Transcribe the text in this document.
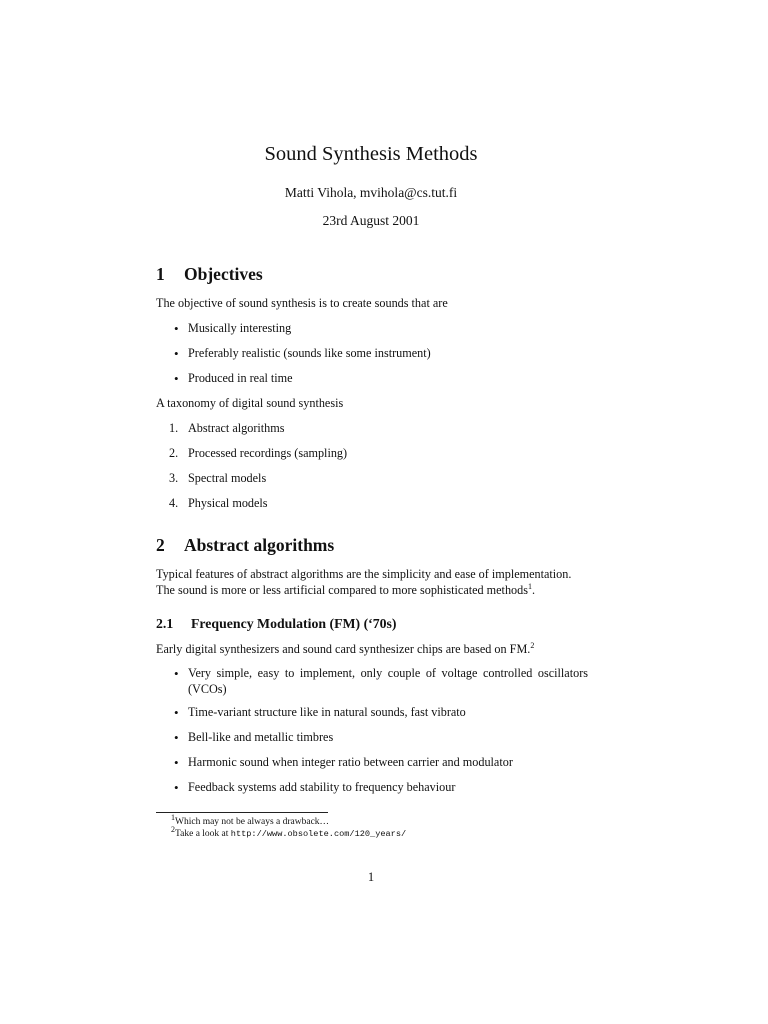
Sound Synthesis Methods
Matti Vihola, mvihola@cs.tut.fi
23rd August 2001
1 Objectives
The objective of sound synthesis is to create sounds that are
• Musically interesting
• Preferably realistic (sounds like some instrument)
• Produced in real time
A taxonomy of digital sound synthesis
1. Abstract algorithms
2. Processed recordings (sampling)
3. Spectral models
4. Physical models
2 Abstract algorithms
Typical features of abstract algorithms are the simplicity and ease of implementation.
The sound is more or less artificial compared to more sophisticated methods$^1$.
2.1 Frequency Modulation (FM) (‘70s)
Early digital synthesizers and sound card synthesizer chips are based on FM.$^2$
• Very simple, easy to implement, only couple of voltage controlled oscillators (VCOs)
• Time-variant structure like in natural sounds, fast vibrato
• Bell-like and metallic timbres
• Harmonic sound when integer ratio between carrier and modulator
• Feedback systems add stability to frequency behaviour
$^1$Which may not be always a drawback…
$^2$Take a look at http://www.obsolete.com/120_years/
1
